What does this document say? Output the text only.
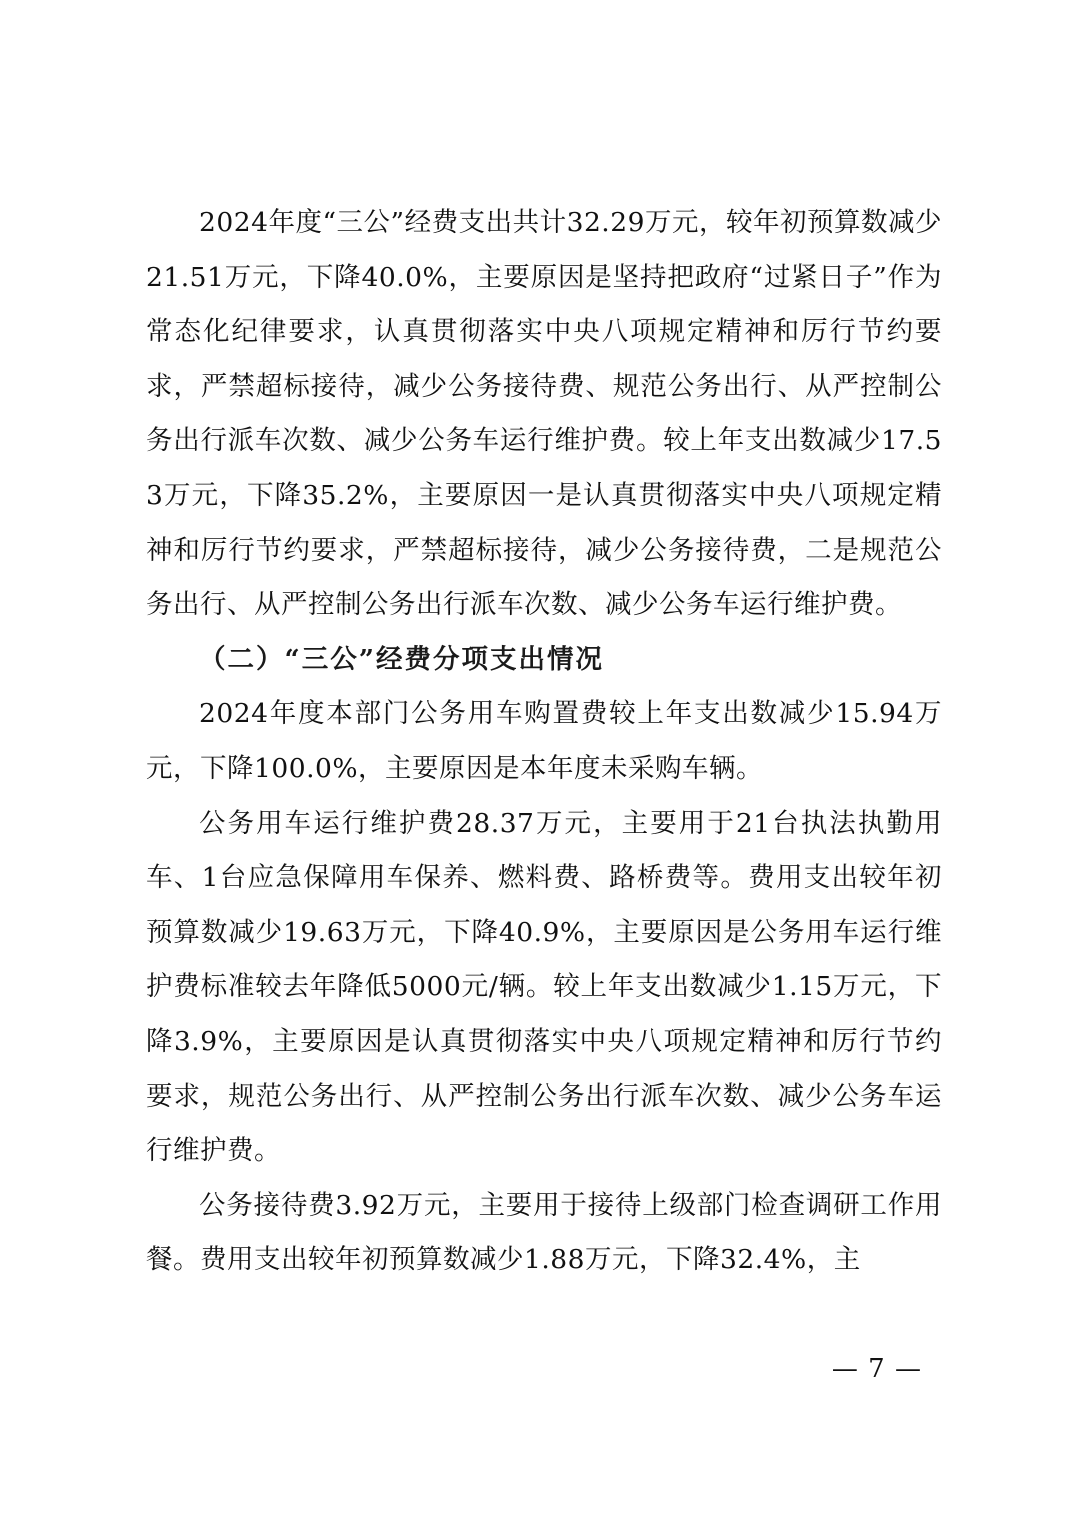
2024年度“三公”经费支出共计32.29万元，较年初预算数减少21.51万元，下降40.0%，主要原因是坚持把政府“过紧日子”作为常态化纪律要求，认真贯彻落实中央八项规定精神和厉行节约要求，严禁超标接待，减少公务接待费、规范公务出行、从严控制公务出行派车次数、减少公务车运行维护费。较上年支出数减少17.53万元，下降35.2%，主要原因一是认真贯彻落实中央八项规定精神和厉行节约要求，严禁超标接待，减少公务接待费，二是规范公务出行、从严控制公务出行派车次数、减少公务车运行维护费。

（二）“三公”经费分项支出情况

2024年度本部门公务用车购置费较上年支出数减少15.94万元，下降100.0%，主要原因是本年度未采购车辆。

公务用车运行维护费28.37万元，主要用于21台执法执勤用车、1台应急保障用车保养、燃料费、路桥费等。费用支出较年初预算数减少19.63万元，下降40.9%，主要原因是公务用车运行维护费标准较去年降低5000元/辆。较上年支出数减少1.15万元，下降3.9%，主要原因是认真贯彻落实中央八项规定精神和厉行节约要求，规范公务出行、从严控制公务出行派车次数、减少公务车运行维护费。

公务接待费3.92万元，主要用于接待上级部门检查调研工作用餐。费用支出较年初预算数减少1.88万元，下降32.4%，主

— 7 —
